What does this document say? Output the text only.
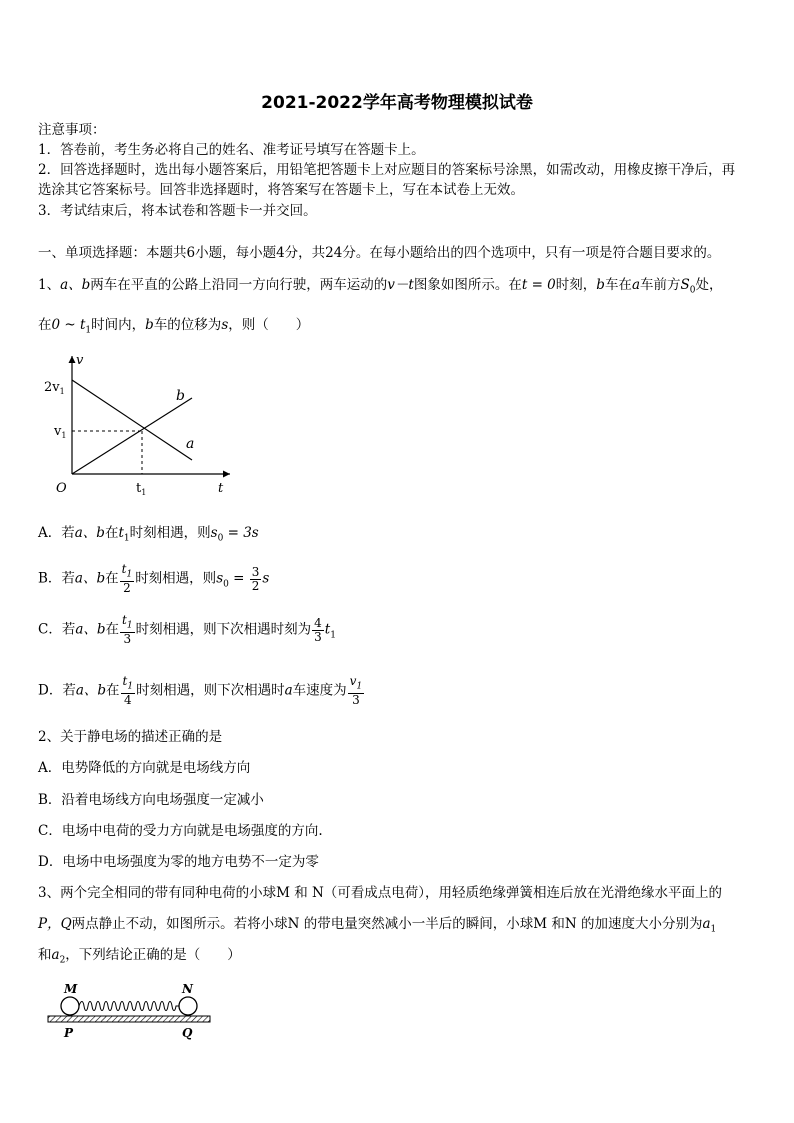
2021-2022学年高考物理模拟试卷
注意事项：
1．答卷前，考生务必将自己的姓名、准考证号填写在答题卡上。
2．回答选择题时，选出每小题答案后，用铅笔把答题卡上对应题目的答案标号涂黑，如需改动，用橡皮擦干净后，再
选涂其它答案标号。回答非选择题时，将答案写在答题卡上，写在本试卷上无效。
3．考试结束后，将本试卷和答题卡一并交回。
一、单项选择题：本题共6小题，每小题4分，共24分。在每小题给出的四个选项中，只有一项是符合题目要求的。
1、a、b两车在平直的公路上沿同一方向行驶，两车运动的v－t图象如图所示。在t = 0时刻，b车在a车前方$S_0$处，
在0 ~ $t_1$时间内，b车的位移为s，则（　　）
v
t
O
$2v_1$
$v_1$
$t_1$
b
a
A．若a、b在$t_1$时刻相遇，则$s_0 = 3s$
B．若a、b在 $\frac{t_1}{2}$ 时刻相遇，则$s_0 = \frac{3}{2}$ s
C．若a、b在 $\frac{t_1}{3}$ 时刻相遇，则下次相遇时刻为 $\frac{4}{3} t_1$
D．若a、b在 $\frac{t_1}{4}$ 时刻相遇，则下次相遇时a车速度为 $\frac{v_1}{3}$
2、关于静电场的描述正确的是
A．电势降低的方向就是电场线方向
B．沿着电场线方向电场强度一定减小
C．电场中电荷的受力方向就是电场强度的方向.
D．电场中电场强度为零的地方电势不一定为零
3、两个完全相同的带有同种电荷的小球M 和 N（可看成点电荷），用轻质绝缘弹簧相连后放在光滑绝缘水平面上的
P，Q两点静止不动，如图所示。若将小球N 的带电量突然减小一半后的瞬间，小球M 和N 的加速度大小分别为$a_1$
和$a_2$，下列结论正确的是（　　）
M	N
P	Q
